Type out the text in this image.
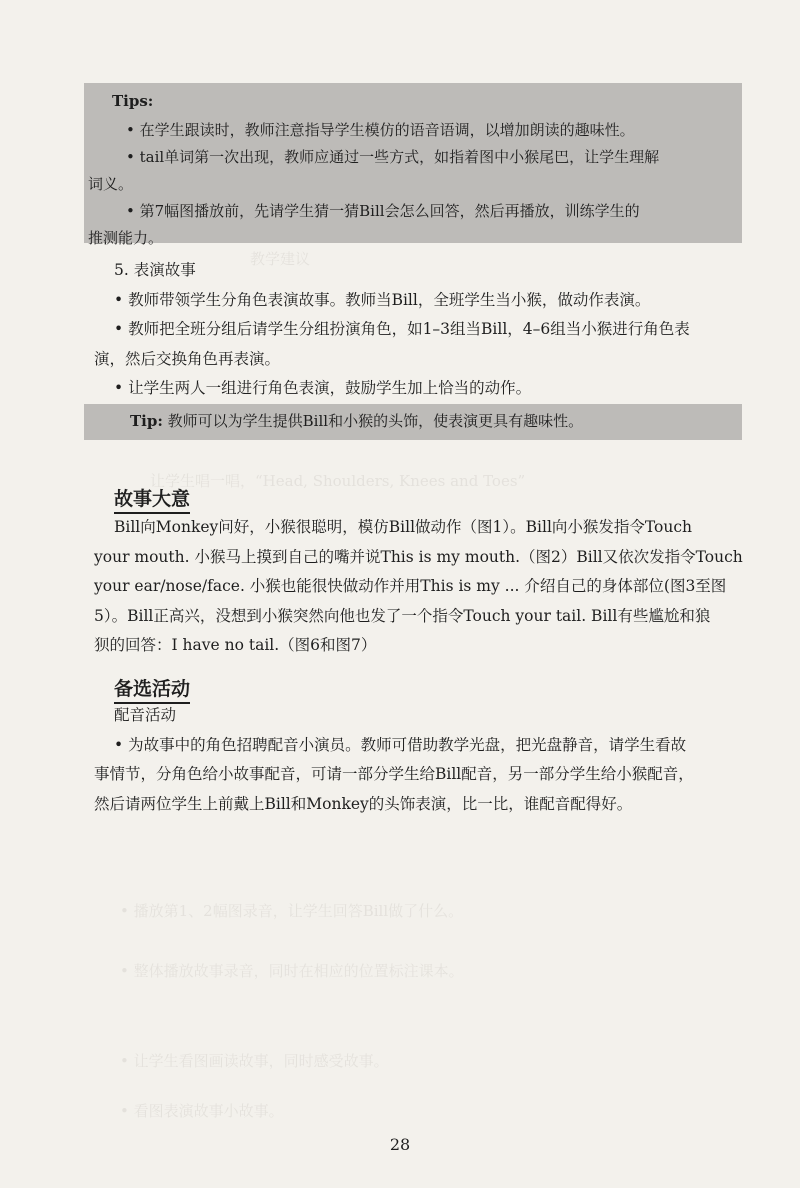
教学建议
让学生唱一唱，“Head, Shoulders, Knees and Toes”
• 播放第1、2幅图录音，让学生回答Bill做了什么。
• 整体播放故事录音，同时在相应的位置标注课本。
• 让学生看图画读故事，同时感受故事。
• 看图表演故事小故事。
Tips:
• 在学生跟读时，教师注意指导学生模仿的语音语调，以增加朗读的趣味性。
• tail单词第一次出现，教师应通过一些方式，如指着图中小猴尾巴，让学生理解
词义。
• 第7幅图播放前，先请学生猜一猜Bill会怎么回答，然后再播放，训练学生的
推测能力。
5. 表演故事
• 教师带领学生分角色表演故事。教师当Bill，全班学生当小猴，做动作表演。
• 教师把全班分组后请学生分组扮演角色，如1–3组当Bill，4–6组当小猴进行角色表
演，然后交换角色再表演。
• 让学生两人一组进行角色表演，鼓励学生加上恰当的动作。
Tip: 教师可以为学生提供Bill和小猴的头饰，使表演更具有趣味性。
故事大意
Bill向Monkey问好，小猴很聪明，模仿Bill做动作（图1）。Bill向小猴发指令Touch
your mouth. 小猴马上摸到自己的嘴并说This is my mouth.（图2）Bill又依次发指令Touch
your ear/nose/face. 小猴也能很快做动作并用This is my ... 介绍自己的身体部位(图3至图
5）。Bill正高兴，没想到小猴突然向他也发了一个指令Touch your tail. Bill有些尴尬和狼
狈的回答：I have no tail.（图6和图7）
备选活动
配音活动
• 为故事中的角色招聘配音小演员。教师可借助教学光盘，把光盘静音，请学生看故
事情节，分角色给小故事配音，可请一部分学生给Bill配音，另一部分学生给小猴配音，
然后请两位学生上前戴上Bill和Monkey的头饰表演，比一比，谁配音配得好。
28
